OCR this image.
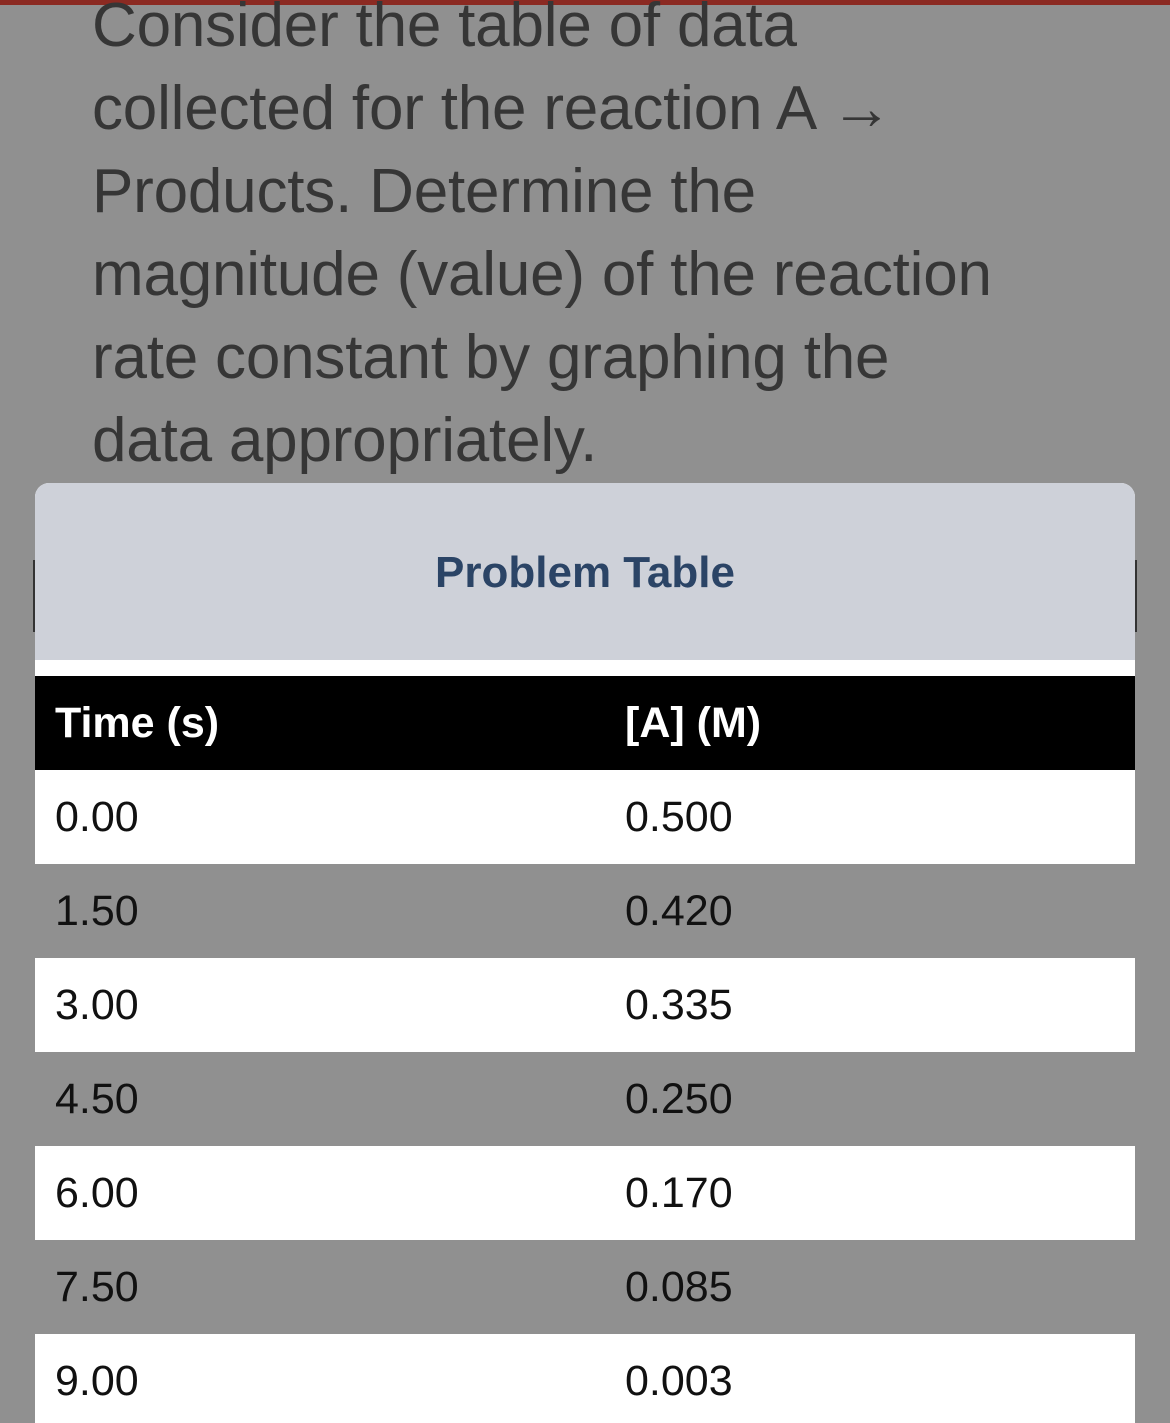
Consider the table of data
collected for the reaction A →
Products. Determine the
magnitude (value) of the reaction
rate constant by graphing the
data appropriately.

Problem Table
Time (s)	[A] (M)
0.00	0.500
1.50	0.420
3.00	0.335
4.50	0.250
6.00	0.170
7.50	0.085
9.00	0.003
